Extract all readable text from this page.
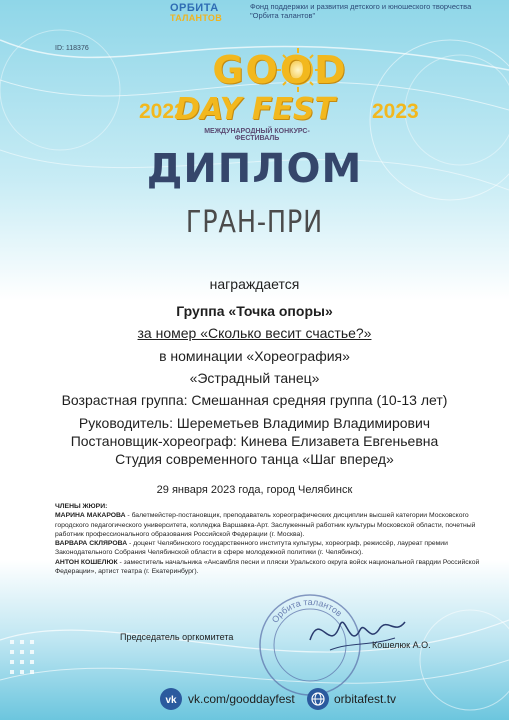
ОРБИТА
ТАЛАНТОВ
Фонд поддержки и развития детского и юношеского творчества "Орбита талантов"
ID: 118376	GOOD
2022
DAY FEST	2023
МЕЖДУНАРОДНЫЙ КОНКУРС-ФЕСТИВАЛЬ
ДИПЛОМ
ГРАН-ПРИ
награждается
Группа «Точка опоры»
за номер «Сколько весит счастье?»
в номинации «Хореография»
«Эстрадный танец»
Возрастная группа: Смешанная средняя группа (10-13 лет)
Руководитель: Шереметьев Владимир Владимирович
Постановщик-хореограф: Кинева Елизавета Евгеньевна
Студия современного танца «Шаг вперед»
29 января 2023 года, город Челябинск
ЧЛЕНЫ ЖЮРИ:
МАРИНА МАКАРОВА - балетмейстер-постановщик, преподаватель хореографических дисциплин высшей категории Московского городского педагогического университета, колледжа Варшавка-Арт. Заслуженный работник культуры Московской области, почетный работник профессионального образования Российской Федерации (г. Москва).
ВАРВАРА СКЛЯРОВА - доцент Челябинского государственного института культуры, хореограф, режиссёр, лауреат премии Законодательного Собрания Челябинской области в сфере молодежной политики (г. Челябинск).
АНТОН КОШЕЛЮК - заместитель начальника «Ансамбля песни и пляски Уральского округа войск национальной гвардии Российской Федерации», артист театра (г. Екатеринбург).
Орбита талантов
Председатель оргкомитета
Кошелюк А.О.
vk vk.com/gooddayfest	orbitafest.tv
